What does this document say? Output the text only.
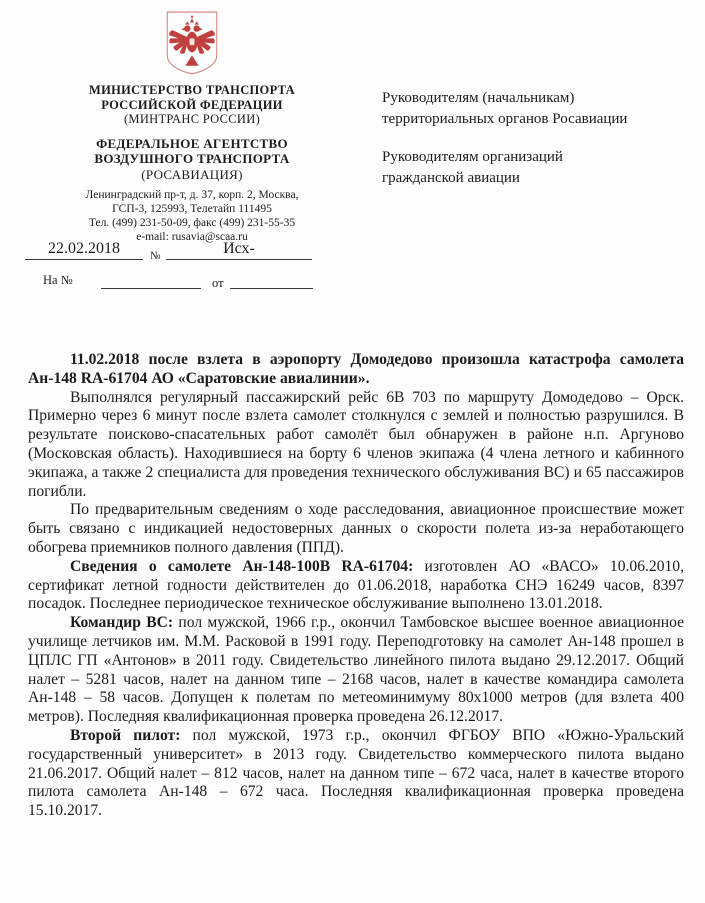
МИНИСТЕРСТВО ТРАНСПОРТА
РОССИЙСКОЙ ФЕДЕРАЦИИ
(МИНТРАНС РОССИИ)
ФЕДЕРАЛЬНОЕ АГЕНТСТВО
ВОЗДУШНОГО ТРАНСПОРТА
(РОСАВИАЦИЯ)
Ленинградский пр-т, д. 37, корп. 2, Москва,
ГСП-3, 125993, Телетайп 111495
Тел. (499) 231-50-09, факс (499) 231-55-35
e-mail: rusavia@scaa.ru
Руководителям (начальникам)
территориальных органов Росавиации
Руководителям организаций
гражданской авиации
22.02.2018	№	Исх-
На №	от

11.02.2018 после взлета в аэропорту Домодедово произошла катастрофа самолета Ан-148 RA-61704 АО «Саратовские авиалинии».

Выполнялся регулярный пассажирский рейс 6В 703 по маршруту Домодедово – Орск. Примерно через 6 минут после взлета самолет столкнулся с землей и полностью разрушился. В результате поисково-спасательных работ самолёт был обнаружен в районе н.п. Аргуново (Московская область). Находившиеся на борту 6 членов экипажа (4 члена летного и кабинного экипажа, а также 2 специалиста для проведения технического обслуживания ВС) и 65 пассажиров погибли.

По предварительным сведениям о ходе расследования, авиационное происшествие может быть связано с индикацией недостоверных данных о скорости полета из-за неработающего обогрева приемников полного давления (ППД).

Сведения о самолете Ан-148-100В RA-61704: изготовлен АО «ВАСО» 10.06.2010, сертификат летной годности действителен до 01.06.2018, наработка СНЭ 16249 часов, 8397 посадок. Последнее периодическое техническое обслуживание выполнено 13.01.2018.

Командир ВС: пол мужской, 1966 г.р., окончил Тамбовское высшее военное авиационное училище летчиков им. М.М. Расковой в 1991 году. Переподготовку на самолет Ан-148 прошел в ЦПЛС ГП «Антонов» в 2011 году. Свидетельство линейного пилота выдано 29.12.2017. Общий налет – 5281 часов, налет на данном типе – 2168 часов, налет в качестве командира самолета Ан-148 – 58 часов. Допущен к полетам по метеоминимуму 80х1000 метров (для взлета 400 метров). Последняя квалификационная проверка проведена 26.12.2017.

Второй пилот: пол мужской, 1973 г.р., окончил ФГБОУ ВПО «Южно-Уральский государственный университет» в 2013 году. Свидетельство коммерческого пилота выдано 21.06.2017. Общий налет – 812 часов, налет на данном типе – 672 часа, налет в качестве второго пилота самолета Ан-148 – 672 часа. Последняя квалификационная проверка проведена 15.10.2017.
